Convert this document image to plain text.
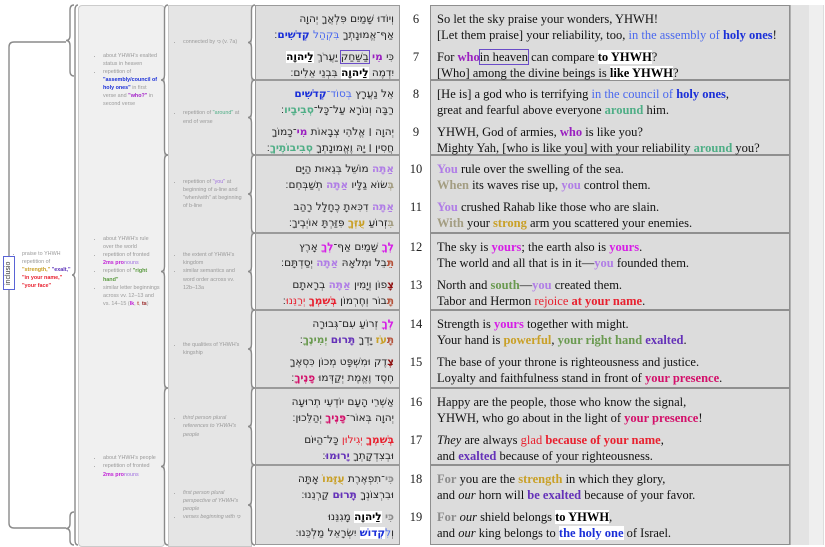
6	So let the sky praise your wonders, YHWH!
[Let them praise] your reliability, too, in the assembly of holy ones!
וְיוֹדוּ שָׁמַיִם פִּלְאֲךָ יְהוָה
אַף־אֱמוּנָתְךָ בִּקְהַל קְדֹשִׁים׃
7	For whoin heaven can compare to YHWH?
[Who] among the divine beings is like YHWH?
כִּי מִי בַשַּׁחַק יַעֲרֹךְ לַיהוָה
יִדְמֶה לַיהוָה בִּבְנֵי אֵלִים׃
• connected by כִּי (v. 7a)
8	[He is] a god who is terrifying in the council of holy ones,
great and fearful above everyone around him.
אֵל נַעֲרָץ בְּסוֹד־קְדֹשִׁים
רַבָּה וְנוֹרָא עַל־כָּל־סְבִיבָיו׃
9	YHWH, God of armies, who is like you?
Mighty Yah, [who is like you] with your reliability around you?
יְהוָה ׀ אֱלֹהֵי צְבָאוֹת מִי־כָמוֹךָ
חֲסִין ׀ יָהּ וֶאֱמוּנָתְךָ סְבִיבוֹתֶיךָ׃
• repetition of "around" at end of verse
10	You rule over the swelling of the sea.
When its waves rise up, you control them.
אַתָּה מוֹשֵׁל בְּגֵאוּת הַיָּם
בְּשׂוֹא גַלָּיו אַתָּה תְשַׁבְּחֵם׃
11	You crushed Rahab like those who are slain.
With your strong arm you scattered your enemies.
אַתָּה דִכִּאתָ כֶחָלָל רָהַב
בִּזְרוֹעַ עֻזְּךָ פִּזַּרְתָּ אוֹיְבֶיךָ׃
• repetition of "you" at beginning of a-line and "when/with" at beginning of b-line
12	The sky is yours; the earth also is yours.
The world and all that is in it—you founded them.
לְךָ שָׁמַיִם אַף־לְךָ אָרֶץ
תֵּבֵל וּמְלֹאָהּ אַתָּה יְסַדְתָּם׃
13	North and south—you created them.
Tabor and Hermon rejoice at your name.
צָפוֹן וְיָמִין אַתָּה בְרָאתָם
תָּבוֹר וְחֶרְמוֹן בְּשִׁמְךָ יְרַנֵּנוּ׃
• the extent of YHWH's kingdom
• similar semantics and word order across vv. 12b–13a
14	Strength is yours together with might.
Your hand is powerful, your right hand exalted.
לְךָ זְרוֹעַ עִם־גְּבוּרָה
תָּעֹז יָדְךָ תָּרוּם יְמִינֶךָ׃
15	The base of your throne is righteousness and justice.
Loyalty and faithfulness stand in front of your presence.
צֶדֶק וּמִשְׁפָּט מְכוֹן כִּסְאֶךָ
חֶסֶד וֶאֱמֶת יְקַדְּמוּ פָנֶיךָ׃
• the qualities of YHWH's kingship
16	Happy are the people, those who know the signal,
YHWH, who go about in the light of your presence!
אַשְׁרֵי הָעָם יוֹדְעֵי תְרוּעָה
יְהוָה בְּאוֹר־פָּנֶיךָ יְהַלֵּכוּן׃
17	They are always glad because of your name,
and exalted because of your righteousness.
בְּשִׁמְךָ יְגִילוּן כָּל־הַיּוֹם
וּבְצִדְקָתְךָ יָרוּמוּ׃
• third person plural references to YHWH's people
18	For you are the strength in which they glory,
and our horn will be exalted because of your favor.
כִּי־תִפְאֶרֶת עֻזָּמוֹ אָתָּה
וּבִרְצוֹנְךָ תָּרוּם קַרְנֵנוּ׃
19	For our shield belongs to YHWH,
and our king belongs to the holy one of Israel.
כִּי לַיהוָה מָגִנֵּנוּ
וְלִקְדוֹשׁ יִשְׂרָאֵל מַלְכֵּנוּ׃
• first person plural perspective of YHWH's people
• verses beginning with כִּי
• about YHWH's exalted status in heaven
• repetition of "assembly/council of holy ones" in first verse and "who?" in second verse
• about YHWH's rule over the world
• repetition of fronted 2ms pronouns
• repetition of "right hand"
• similar letter beginnings across vv. 12–13 and vs. 14–15 (lk, t, ts)
• about YHWH's people
• repetition of fronted 2ms pronouns
• praise to YHWH
• repetition of "strength," "exalt," "in your name," "your face"
inclusio
